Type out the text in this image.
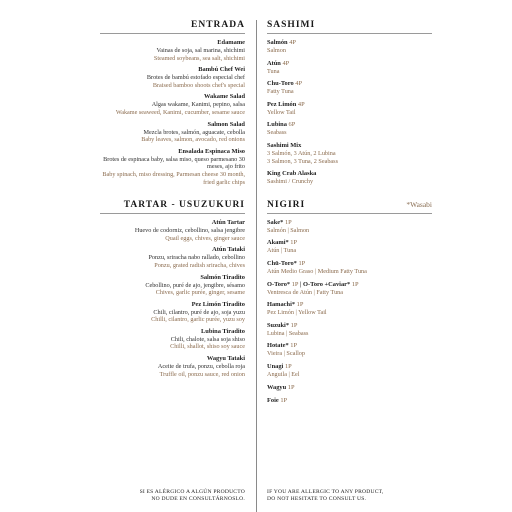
ENTRADA
Edamame
Vainas de soja, sal marina, shichimi
Steamed soybeans, sea salt, shichimi
Bambú Chef Wei
Brotes de bambú estofado especial chef
Braised bamboo shoots chef's special
Wakame Salad
Algas wakame, Kanimi, pepino, salsa
Wakame seaweed, Kanimi, cucumber, sesame sauce
Salmon Salad
Mezcla brotes, salmón, aguacate, cebolla
Baby leaves, salmon, avocado, red onions
Ensalada Espinaca Miso
Brotes de espinaca baby, salsa miso, queso parmesano 30 meses, ajo frito
Baby spinach, miso dressing, Parmesan cheese 30 month, fried garlic chips
TARTAR - USUZUKURI
Atún Tartar
Huevo de codorniz, cebollino, salsa jengibre
Quail eggs, chives, ginger sauce
Atún Tataki
Ponzu, sriracha nabo rallado, cebollino
Ponzu, grated radish sriracha, chives
Salmón Tiradito
Cebollino, puré de ajo, jengibre, sésamo
Chives, garlic purée, ginger, sesame
Pez Limón Tiradito
Chili, cilantro, puré de ajo, soja yuzu
Chilli, cilantro, garlic purée, yuzu soy
Lubina Tiradito
Chili, chalote, salsa soja shiso
Chilli, shallot, shiso soy sauce
Wagyu Tataki
Aceite de trufa, ponzu, cebolla roja
Truffle oil, ponzu sauce, red onion
SASHIMI
Salmón 4P
Salmon
Atún 4P
Tuna
Chu-Toro 4P
Fatty Tuna
Pez Limón 4P
Yellow Tail
Lubina 6P
Seabass
Sashimi Mix
3 Salmón, 3 Atún, 2 Lubina
3 Salmon, 3 Tuna, 2 Seabass
King Crab Alaska
Sashimi / Crunchy
NIGIRI	*Wasabi
Sake* 1P
Salmón | Salmon
Akami* 1P
Atún | Tuna
Chū-Toro* 1P
Atún Medio Graso | Medium Fatty Tuna
O-Toro* 1P | O-Toro +Caviar* 1P
Ventresca de Atún | Fatty Tuna
Hamachi* 1P
Pez Limón | Yellow Tail
Suzuki* 1P
Lubina | Seabass
Hotate* 1P
Vieira | Scallop
Unagi 1P
Anguila | Eel
Wagyu 1P
Foie 1P
SI ES ALÉRGICO A ALGÚN PRODUCTO
NO DUDE EN CONSULTÁRNOSLO.
IF YOU ARE ALLERGIC TO ANY PRODUCT,
DO NOT HESITATE TO CONSULT US.
